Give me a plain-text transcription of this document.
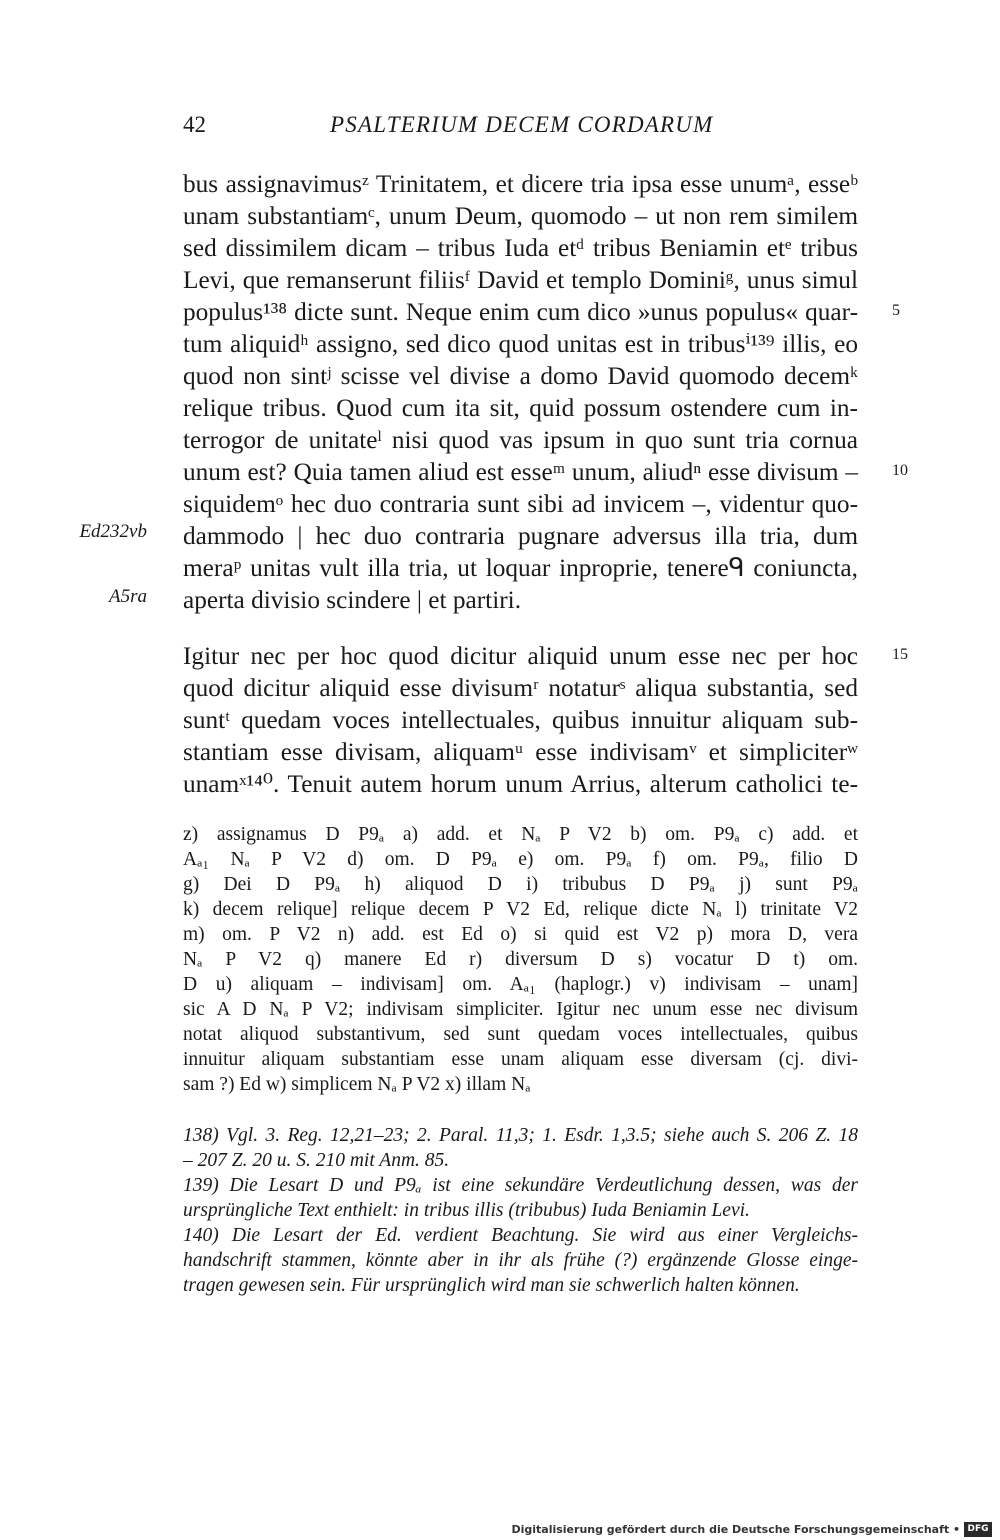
42	PSALTERIUM DECEM CORDARUM
bus assignavimusᶻ Trinitatem, et dicere tria ipsa esse unumᵃ, esseᵇ
unam substantiamᶜ, unum Deum, quomodo – ut non rem similem
sed dissimilem dicam – tribus Iuda etᵈ tribus Beniamin etᵉ tribus
Levi, que remanserunt filiisᶠ David et templo Dominiᵍ, unus simul
populus¹³⁸ dicte sunt. Neque enim cum dico »unus populus« quar-
tum aliquidʰ assigno, sed dico quod unitas est in tribusⁱ¹³⁹ illis, eo
quod non sintʲ scisse vel divise a domo David quomodo decemᵏ
relique tribus. Quod cum ita sit, quid possum ostendere cum in-
terrogor de unitateˡ nisi quod vas ipsum in quo sunt tria cornua
unum est? Quia tamen aliud est esseᵐ unum, aliudⁿ esse divisum –
siquidemᵒ hec duo contraria sunt sibi ad invicem –, videntur quo-
dammodo | hec duo contraria pugnare adversus illa tria, dum
meraᵖ unitas vult illa tria, ut loquar inproprie, tenereᑫ coniuncta,
aperta divisio scindere | et partiri.
Igitur nec per hoc quod dicitur aliquid unum esse nec per hoc
quod dicitur aliquid esse divisumʳ notaturˢ aliqua substantia, sed
suntᵗ quedam voces intellectuales, quibus innuitur aliquam sub-
stantiam esse divisam, aliquamᵘ esse indivisamᵛ et simpliciterʷ
unamˣ¹⁴⁰. Tenuit autem horum unum Arrius, alterum catholici te-
5
10
15
Ed232vb
A5ra
z) assignamus D P9ₐ a) add. et Nₐ P V2 b) om. P9ₐ c) add. et
Aₐ₁ Nₐ P V2 d) om. D P9ₐ e) om. P9ₐ f) om. P9ₐ, filio D
g) Dei D P9ₐ h) aliquod D i) tribubus D P9ₐ j) sunt P9ₐ
k) decem relique] relique decem P V2 Ed, relique dicte Nₐ l) trinitate V2
m) om. P V2 n) add. est Ed o) si quid est V2 p) mora D, vera
Nₐ P V2 q) manere Ed r) diversum D s) vocatur D t) om.
D u) aliquam – indivisam] om. Aₐ₁ (haplogr.) v) indivisam – unam]
sic A D Nₐ P V2; indivisam simpliciter. Igitur nec unum esse nec divisum
notat aliquod substantivum, sed sunt quedam voces intellectuales, quibus
innuitur aliquam substantiam esse unam aliquam esse diversam (cj. divi-
sam ?) Ed w) simplicem Nₐ P V2 x) illam Nₐ
138) Vgl. 3. Reg. 12,21–23; 2. Paral. 11,3; 1. Esdr. 1,3.5; siehe auch S. 206 Z. 18
– 207 Z. 20 u. S. 210 mit Anm. 85.
139) Die Lesart D und P9ₐ ist eine sekundäre Verdeutlichung dessen, was der
ursprüngliche Text enthielt: in tribus illis (tribubus) Iuda Beniamin Levi.
140) Die Lesart der Ed. verdient Beachtung. Sie wird aus einer Vergleichs-
handschrift stammen, könnte aber in ihr als frühe (?) ergänzende Glosse einge-
tragen gewesen sein. Für ursprünglich wird man sie schwerlich halten können.
Digitalisierung gefördert durch die Deutsche Forschungsgemeinschaft • DFG
